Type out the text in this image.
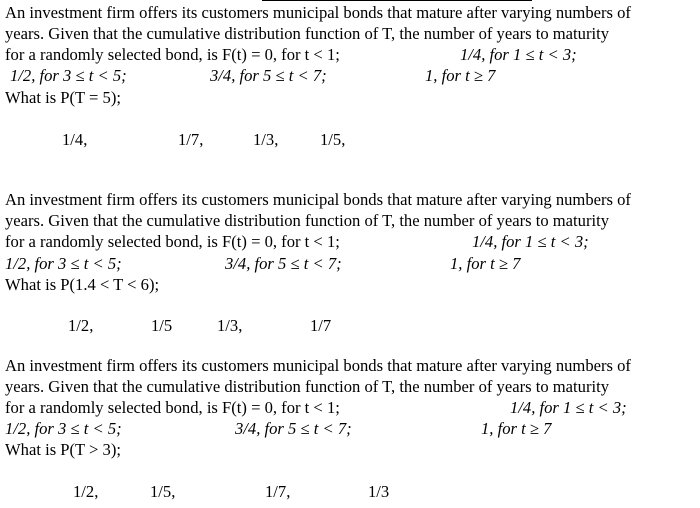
An investment firm offers its customers municipal bonds that mature after varying numbers of
years. Given that the cumulative distribution function of T, the number of years to maturity
for a randomly selected bond, is F(t) = 0, for t < 1;	1/4, for 1 ≤ t < 3;
1/2, for 3 ≤ t < 5;	3/4, for 5 ≤ t < 7;	1, for t ≥ 7
What is P(T = 5);
1/4,	1/7,	1/3,	1/5,
An investment firm offers its customers municipal bonds that mature after varying numbers of
years. Given that the cumulative distribution function of T, the number of years to maturity
for a randomly selected bond, is F(t) = 0, for t < 1;	1/4, for 1 ≤ t < 3;
1/2, for 3 ≤ t < 5;	3/4, for 5 ≤ t < 7;	1, for t ≥ 7
What is P(1.4 < T < 6);
1/2,	1/5	1/3,	1/7
An investment firm offers its customers municipal bonds that mature after varying numbers of
years. Given that the cumulative distribution function of T, the number of years to maturity
for a randomly selected bond, is F(t) = 0, for t < 1;	1/4, for 1 ≤ t < 3;
1/2, for 3 ≤ t < 5;	3/4, for 5 ≤ t < 7;	1, for t ≥ 7
What is P(T > 3);
1/2,	1/5,	1/7,	1/3
